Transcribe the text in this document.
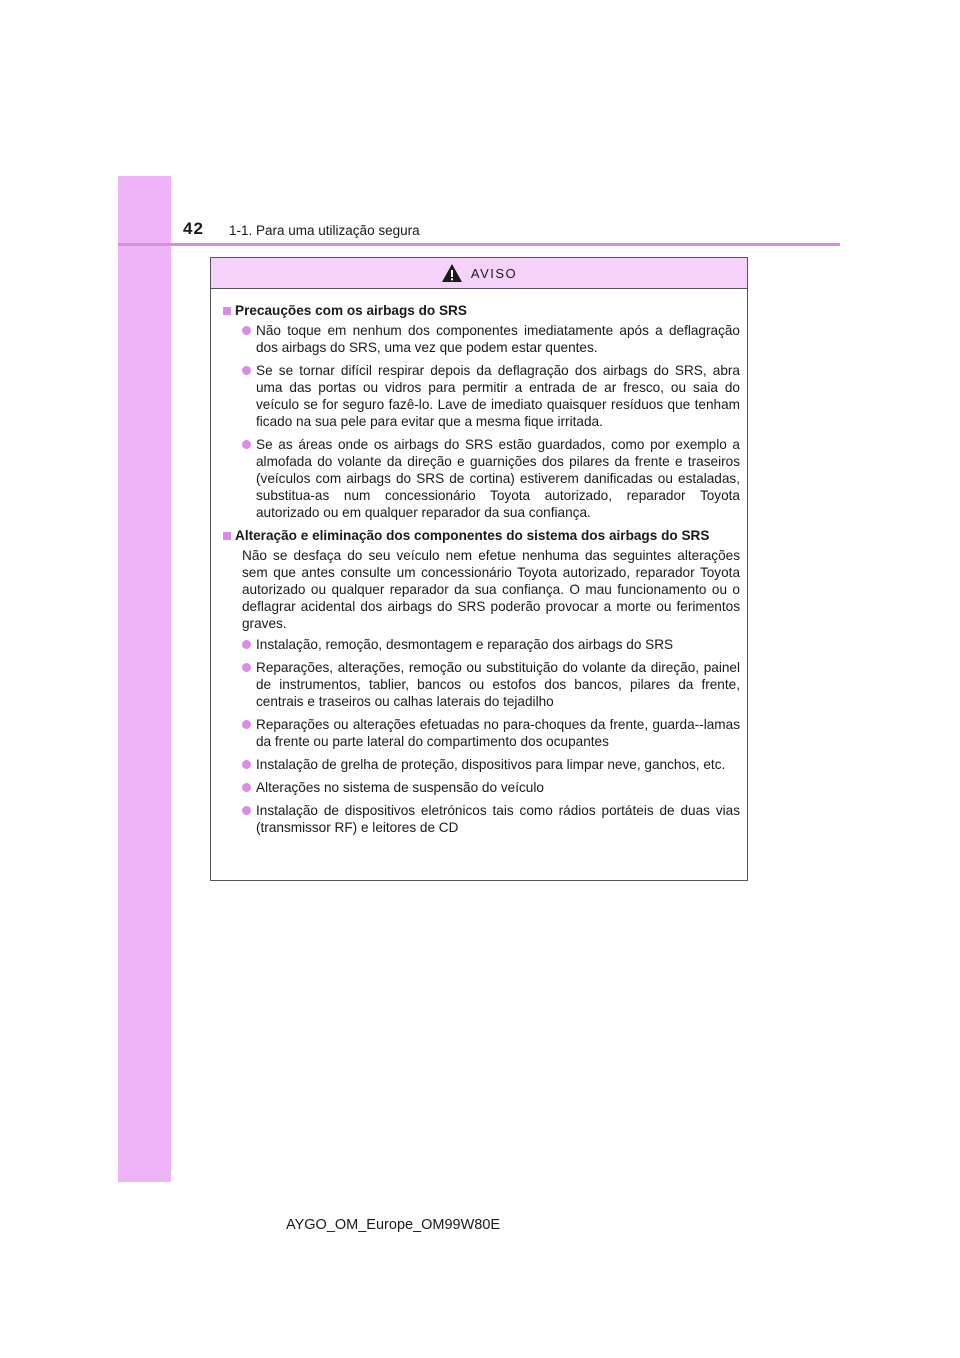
42 1-1. Para uma utilização segura
AVISO
Precauções com os airbags do SRS
Não toque em nenhum dos componentes imediatamente após a deflagração dos airbags do SRS, uma vez que podem estar quentes.
Se se tornar difícil respirar depois da deflagração dos airbags do SRS, abra uma das portas ou vidros para permitir a entrada de ar fresco, ou saia do veículo se for seguro fazê-lo. Lave de imediato quaisquer resíduos que tenham ficado na sua pele para evitar que a mesma fique irritada.
Se as áreas onde os airbags do SRS estão guardados, como por exemplo a almofada do volante da direção e guarnições dos pilares da frente e traseiros (veículos com airbags do SRS de cortina) estiverem danificadas ou estaladas, substitua-as num concessionário Toyota autorizado, reparador Toyota autorizado ou em qualquer reparador da sua confiança.
Alteração e eliminação dos componentes do sistema dos airbags do SRS
Não se desfaça do seu veículo nem efetue nenhuma das seguintes alterações sem que antes consulte um concessionário Toyota autorizado, reparador Toyota autorizado ou qualquer reparador da sua confiança. O mau funcionamento ou o deflagrar acidental dos airbags do SRS poderão provocar a morte ou ferimentos graves.
Instalação, remoção, desmontagem e reparação dos airbags do SRS
Reparações, alterações, remoção ou substituição do volante da direção, painel de instrumentos, tablier, bancos ou estofos dos bancos, pilares da frente, centrais e traseiros ou calhas laterais do tejadilho
Reparações ou alterações efetuadas no para-choques da frente, guarda--lamas da frente ou parte lateral do compartimento dos ocupantes
Instalação de grelha de proteção, dispositivos para limpar neve, ganchos, etc.
Alterações no sistema de suspensão do veículo
Instalação de dispositivos eletrónicos tais como rádios portáteis de duas vias (transmissor RF) e leitores de CD
AYGO_OM_Europe_OM99W80E
